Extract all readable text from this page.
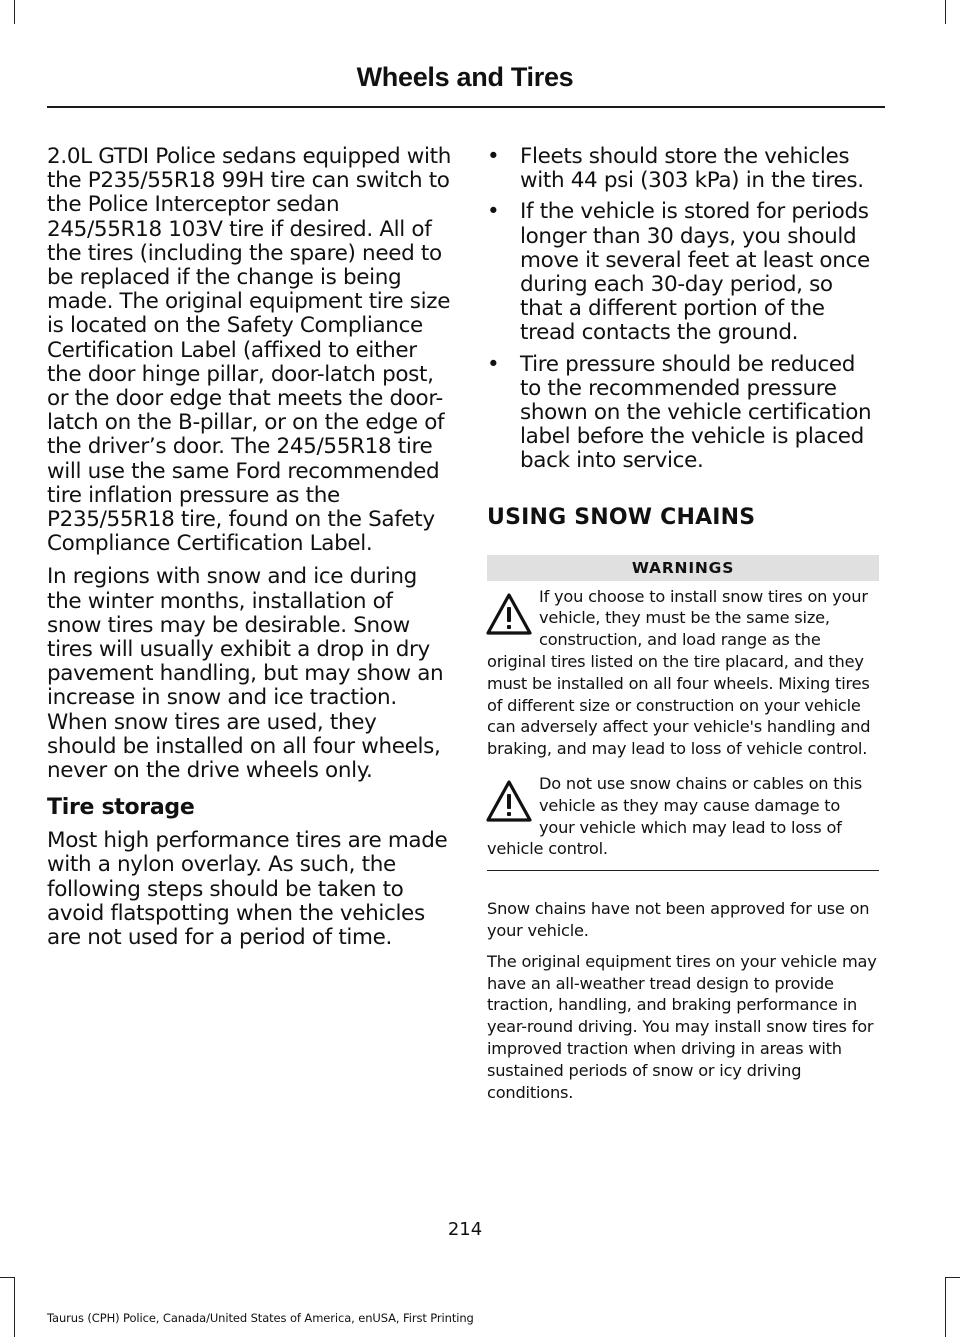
Wheels and Tires

2.0L GTDI Police sedans equipped with the P235/55R18 99H tire can switch to the Police Interceptor sedan 245/55R18 103V tire if desired. All of the tires (including the spare) need to be replaced if the change is being made. The original equipment tire size is located on the Safety Compliance Certification Label (affixed to either the door hinge pillar, door-latch post, or the door edge that meets the door-latch on the B-pillar, or on the edge of the driver’s door. The 245/55R18 tire will use the same Ford recommended tire inflation pressure as the P235/55R18 tire, found on the Safety Compliance Certification Label.

In regions with snow and ice during the winter months, installation of snow tires may be desirable. Snow tires will usually exhibit a drop in dry pavement handling, but may show an increase in snow and ice traction. When snow tires are used, they should be installed on all four wheels, never on the drive wheels only.

Tire storage

Most high performance tires are made with a nylon overlay. As such, the following steps should be taken to avoid flatspotting when the vehicles are not used for a period of time.

• Fleets should store the vehicles with 44 psi (303 kPa) in the tires.
• If the vehicle is stored for periods longer than 30 days, you should move it several feet at least once during each 30-day period, so that a different portion of the tread contacts the ground.
• Tire pressure should be reduced to the recommended pressure shown on the vehicle certification label before the vehicle is placed back into service.
USING SNOW CHAINS
WARNINGS

If you choose to install snow tires on your vehicle, they must be the same size, construction, and load range as the original tires listed on the tire placard, and they must be installed on all four wheels. Mixing tires of different size or construction on your vehicle can adversely affect your vehicle's handling and braking, and may lead to loss of vehicle control.

Do not use snow chains or cables on this vehicle as they may cause damage to your vehicle which may lead to loss of vehicle control.

Snow chains have not been approved for use on your vehicle.

The original equipment tires on your vehicle may have an all-weather tread design to provide traction, handling, and braking performance in year-round driving. You may install snow tires for improved traction when driving in areas with sustained periods of snow or icy driving conditions.

214
Taurus (CPH) Police, Canada/United States of America, enUSA, First Printing
